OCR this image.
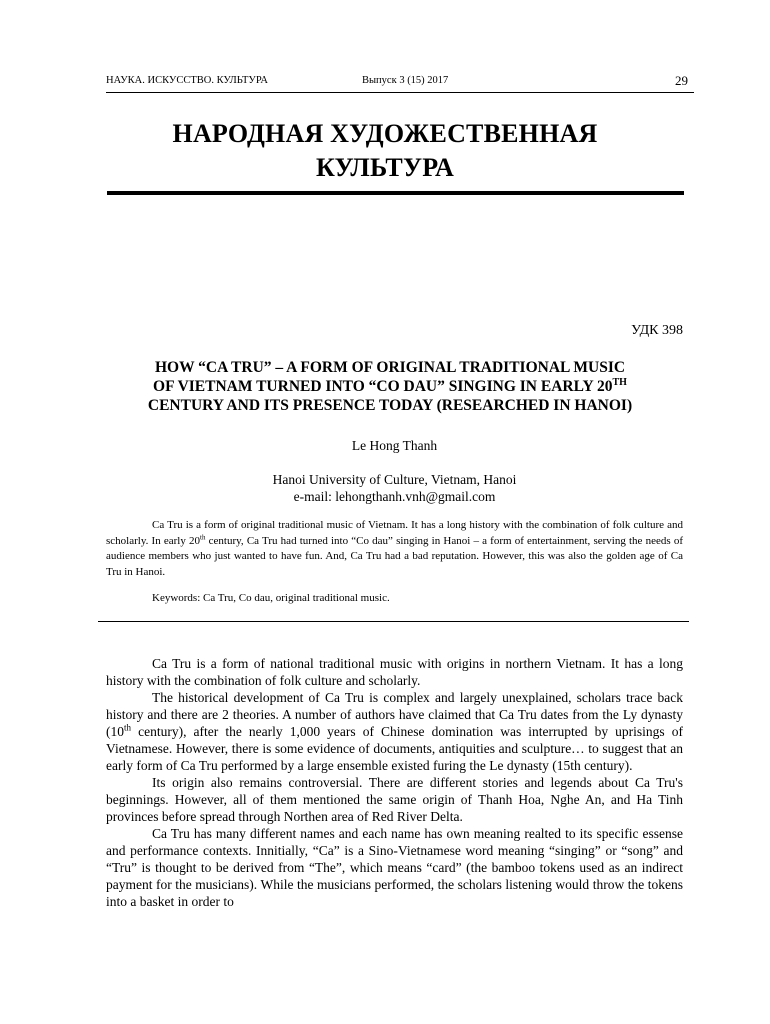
НАУКА. ИСКУССТВО. КУЛЬТУРА	Выпуск 3 (15) 2017	29
НАРОДНАЯ ХУДОЖЕСТВЕННАЯ
КУЛЬТУРА
УДК 398
HOW “CA TRU” – A FORM OF ORIGINAL TRADITIONAL MUSIC
OF VIETNAM TURNED INTO “CO DAU” SINGING IN EARLY 20TH
CENTURY AND ITS PRESENCE TODAY (RESEARCHED IN HANOI)
Le Hong Thanh
Hanoi University of Culture, Vietnam, Hanoi
e-mail: lehongthanh.vnh@gmail.com

Ca Tru is a form of original traditional music of Vietnam. It has a long history with the combination of folk culture and scholarly. In early 20th century, Ca Tru had turned into “Co dau” singing in Hanoi – a form of entertainment, serving the needs of audience members who just wanted to have fun. And, Ca Tru had a bad reputation. However, this was also the golden age of Ca Tru in Hanoi.

Keywords: Ca Tru, Co dau, original traditional music.

Ca Tru is a form of national traditional music with origins in northern Vietnam. It has a long history with the combination of folk culture and scholarly.

The historical development of Ca Tru is complex and largely unexplained, scholars trace back history and there are 2 theories. A number of authors have claimed that Ca Tru dates from the Ly dynasty (10th century), after the nearly 1,000 years of Chinese domination was interrupted by uprisings of Vietnamese. However, there is some evidence of documents, antiquities and sculpture… to suggest that an early form of Ca Tru performed by a large ensemble existed furing the Le dynasty (15th century).

Its origin also remains controversial. There are different stories and legends about Ca Tru's beginnings. However, all of them mentioned the same origin of Thanh Hoa, Nghe An, and Ha Tinh provinces before spread through Northen area of Red River Delta.

Ca Tru has many different names and each name has own meaning realted to its specific essense and performance contexts. Innitially, “Ca” is a Sino-Vietnamese word meaning “singing” or “song” and “Tru” is thought to be derived from “The”, which means “card” (the bamboo tokens used as an indirect payment for the musicians). While the musicians performed, the scholars listening would throw the tokens into a basket in order to
